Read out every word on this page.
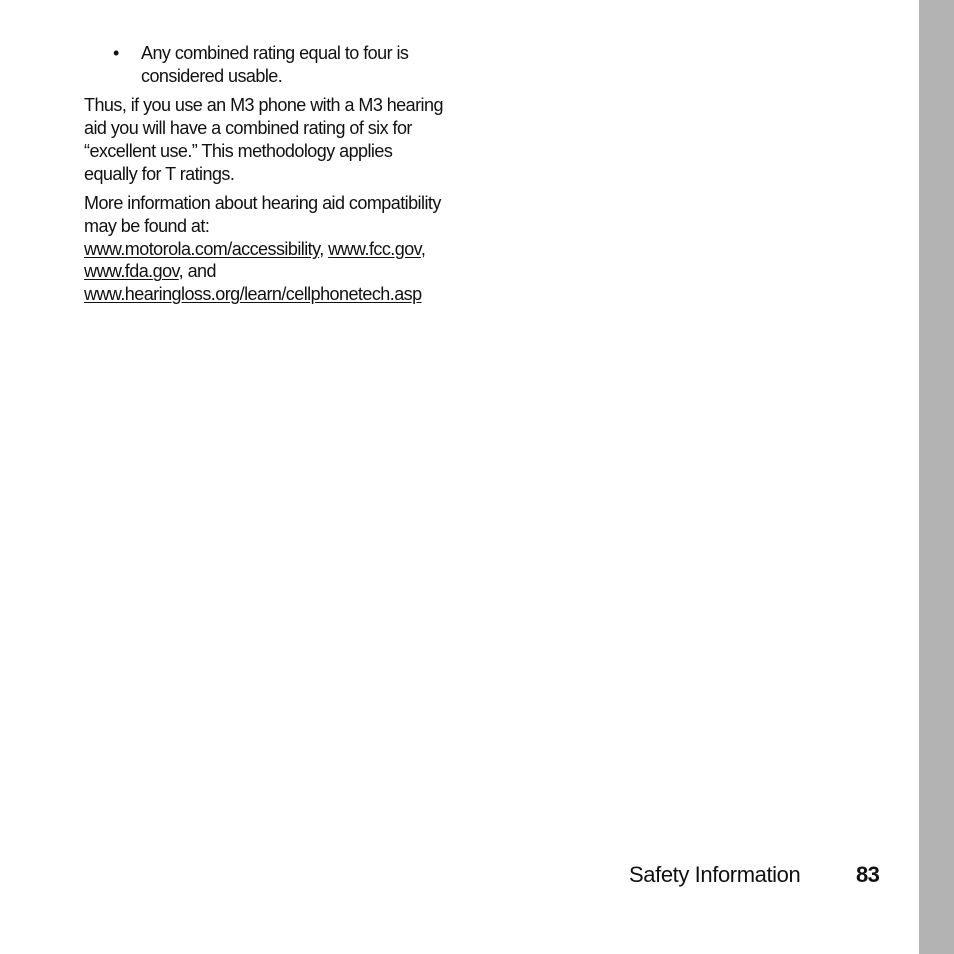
• Any combined rating equal to four is
considered usable.

Thus, if you use an M3 phone with a M3 hearing
aid you will have a combined rating of six for
“excellent use.” This methodology applies
equally for T ratings.

More information about hearing aid compatibility
may be found at:
www.motorola.com/accessibility, www.fcc.gov,
www.fda.gov, and
www.hearingloss.org/learn/cellphonetech.asp

Safety Information	83
